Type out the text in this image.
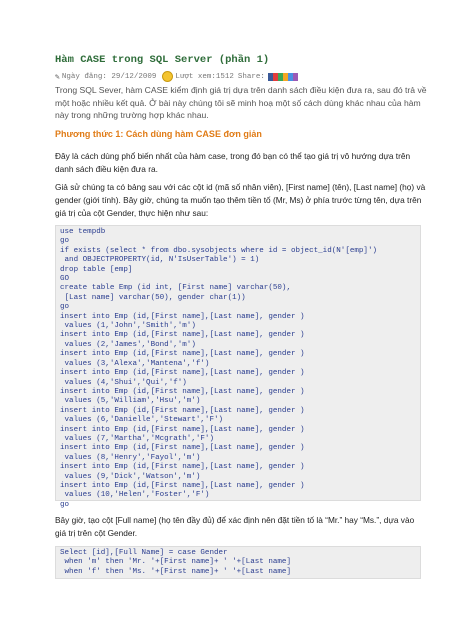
Hàm CASE trong SQL Server (phần 1)
✎ Ngày đăng: 29/12/2009	Lượt xem:1512 Share:

Trong SQL Sever, hàm CASE kiểm định giá trị dựa trên danh sách điều kiện đưa ra, sau đó trả về một hoặc nhiều kết quả. Ở bài này chúng tôi sẽ minh hoạ một số cách dùng khác nhau của hàm này trong những trường hợp khác nhau.

Phương thức 1: Cách dùng hàm CASE đơn giản

Đây là cách dùng phổ biến nhất của hàm case, trong đó bạn có thể tạo giá trị vô hướng dựa trên danh sách điều kiện đưa ra.

Giả sử chúng ta có bảng sau với các cột id (mã số nhân viên), [First name] (tên), [Last name] (họ) và gender (giới tính). Bây giờ, chúng ta muốn tạo thêm tiền tố (Mr, Ms) ở phía trước từng tên, dựa trên giá trị của cột Gender, thực hiện như sau:

use tempdb
go
if exists (select * from dbo.sysobjects where id = object_id(N'[emp]')
and OBJECTPROPERTY(id, N'IsUserTable') = 1)
drop table [emp]
GO
create table Emp (id int, [First name] varchar(50),
[Last name] varchar(50), gender char(1))
go
insert into Emp (id,[First name],[Last name], gender )
values (1,'John','Smith','m')
insert into Emp (id,[First name],[Last name], gender )
values (2,'James','Bond','m')
insert into Emp (id,[First name],[Last name], gender )
values (3,'Alexa','Mantena','f')
insert into Emp (id,[First name],[Last name], gender )
values (4,'Shui','Qui','f')
insert into Emp (id,[First name],[Last name], gender )
values (5,'William','Hsu','m')
insert into Emp (id,[First name],[Last name], gender )
values (6,'Danielle','Stewart','F')
insert into Emp (id,[First name],[Last name], gender )
values (7,'Martha','Mcgrath','F')
insert into Emp (id,[First name],[Last name], gender )
values (8,'Henry','Fayol','m')
insert into Emp (id,[First name],[Last name], gender )
values (9,'Dick','Watson','m')
insert into Emp (id,[First name],[Last name], gender )
values (10,'Helen','Foster','F')
go

Bây giờ, tạo cột [Full name] (họ tên đầy đủ) để xác định nên đặt tiền tố là “Mr.” hay “Ms.”, dựa vào giá trị trên cột Gender.

Select [id],[Full Name] = case Gender
when 'm' then 'Mr. '+[First name]+ ' '+[Last name]
when 'f' then 'Ms. '+[First name]+ ' '+[Last name]
